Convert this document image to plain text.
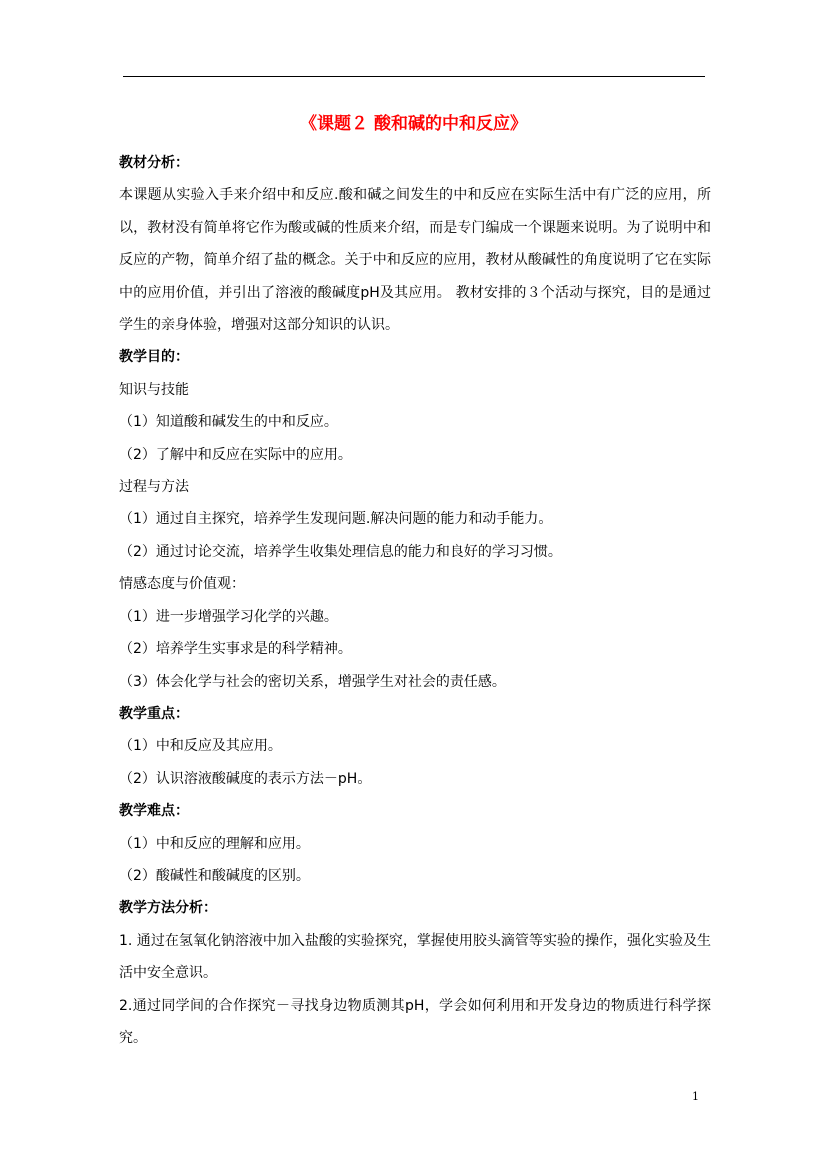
《课题２ 酸和碱的中和反应》

教材分析：

本课题从实验入手来介绍中和反应.酸和碱之间发生的中和反应在实际生活中有广泛的应用，所以，教材没有简单将它作为酸或碱的性质来介绍，而是专门编成一个课题来说明。为了说明中和反应的产物，简单介绍了盐的概念。关于中和反应的应用，教材从酸碱性的角度说明了它在实际中的应用价值，并引出了溶液的酸碱度pH及其应用。 教材安排的３个活动与探究，目的是通过学生的亲身体验，增强对这部分知识的认识。

教学目的：

知识与技能

（1）知道酸和碱发生的中和反应。

（2）了解中和反应在实际中的应用。

过程与方法

（1）通过自主探究，培养学生发现问题.解决问题的能力和动手能力。

（2）通过讨论交流，培养学生收集处理信息的能力和良好的学习习惯。

情感态度与价值观：

（1）进一步增强学习化学的兴趣。

（2）培养学生实事求是的科学精神。

（3）体会化学与社会的密切关系，增强学生对社会的责任感。

教学重点：

（1）中和反应及其应用。

（2）认识溶液酸碱度的表示方法－pH。

教学难点：

（1）中和反应的理解和应用。

（2）酸碱性和酸碱度的区别。

教学方法分析：

1. 通过在氢氧化钠溶液中加入盐酸的实验探究，掌握使用胶头滴管等实验的操作，强化实验及生活中安全意识。

2.通过同学间的合作探究－寻找身边物质测其pH，学会如何利用和开发身边的物质进行科学探究。

1
